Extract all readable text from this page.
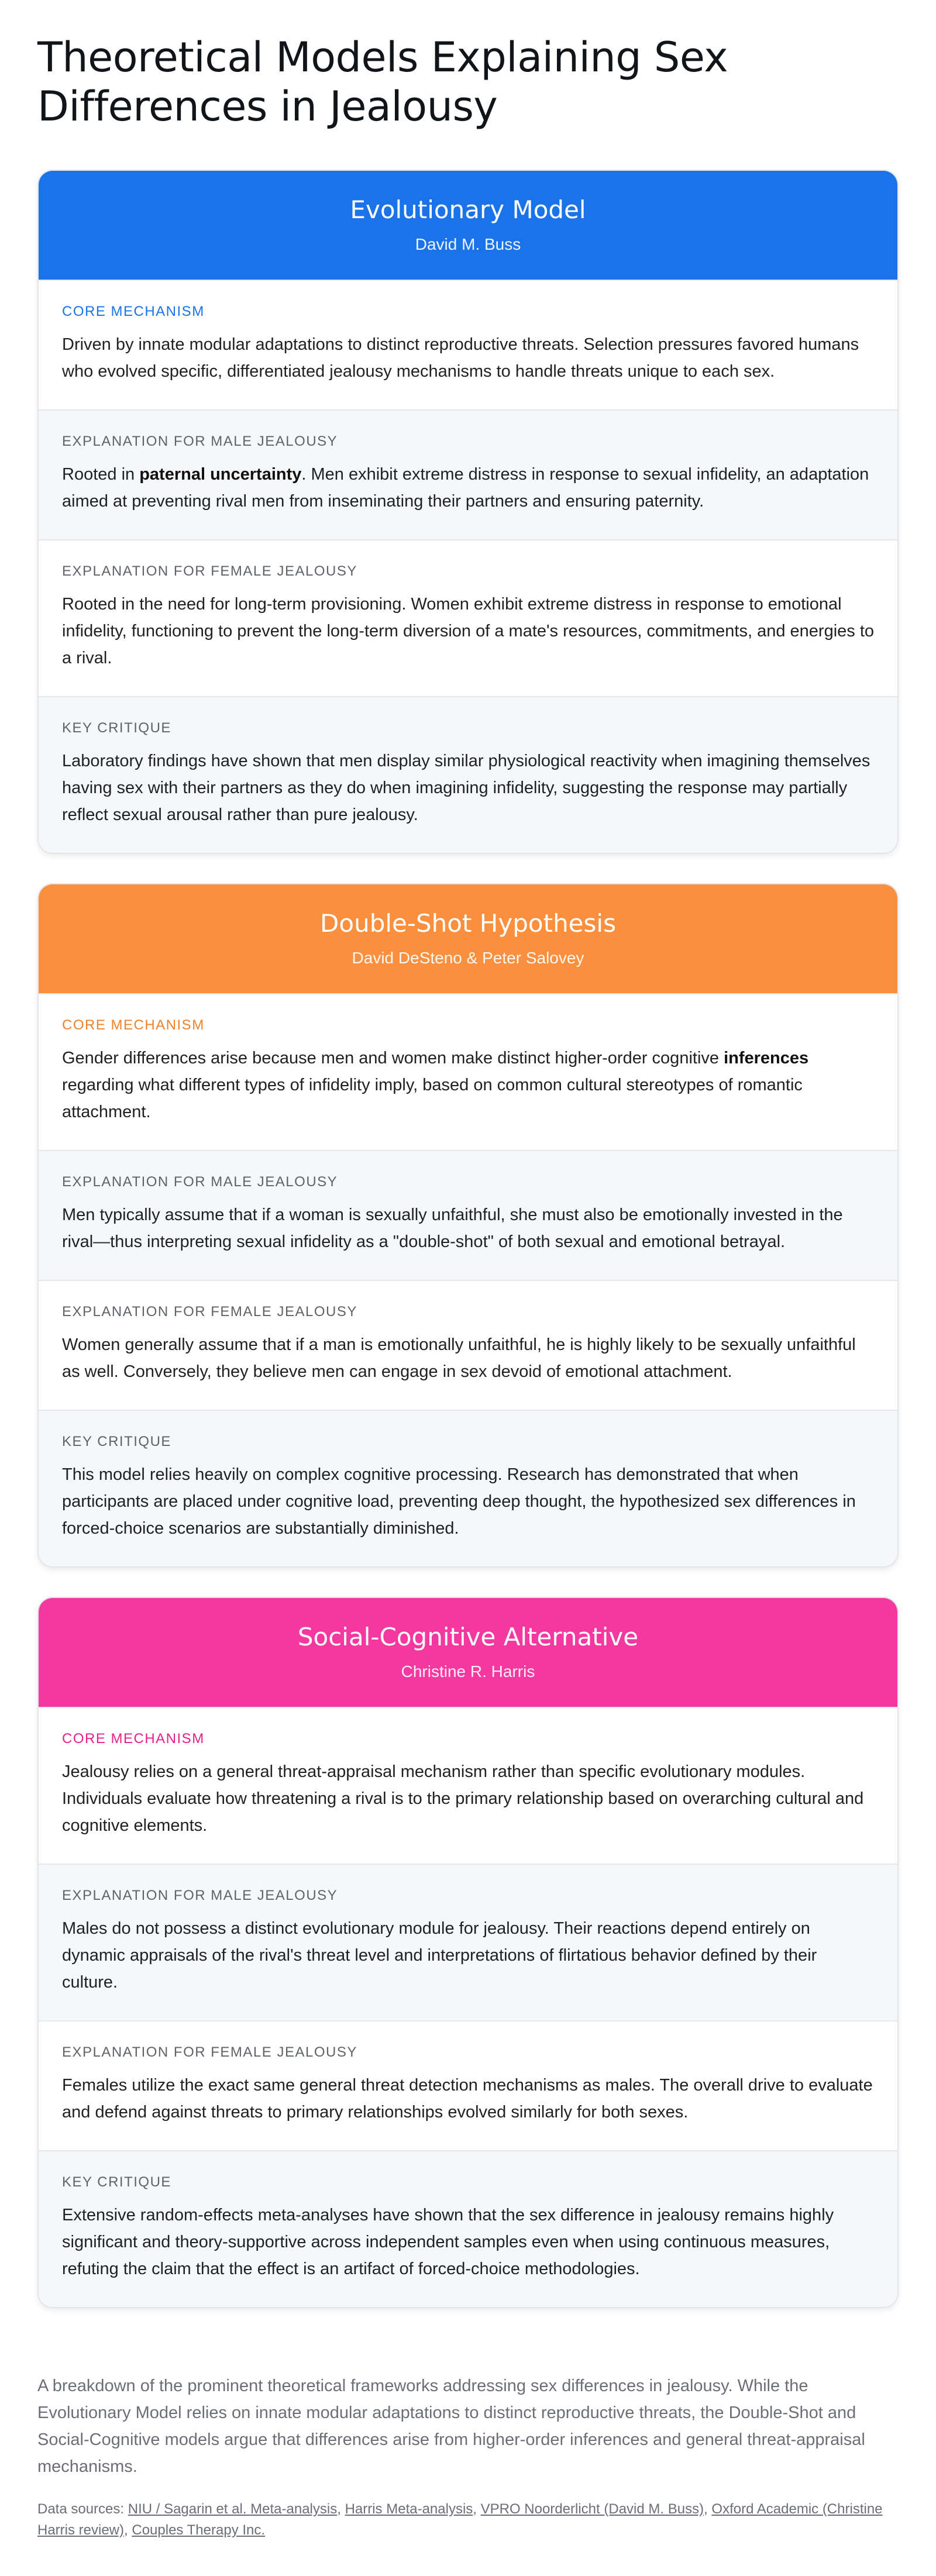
Theoretical Models Explaining Sex Differences in Jealousy
Evolutionary Model
David M. Buss
CORE MECHANISM

Driven by innate modular adaptations to distinct reproductive threats. Selection pressures favored humans who evolved specific, differentiated jealousy mechanisms to handle threats unique to each sex.

EXPLANATION FOR MALE JEALOUSY

Rooted in paternal uncertainty. Men exhibit extreme distress in response to sexual infidelity, an adaptation aimed at preventing rival men from inseminating their partners and ensuring paternity.

EXPLANATION FOR FEMALE JEALOUSY

Rooted in the need for long-term provisioning. Women exhibit extreme distress in response to emotional infidelity, functioning to prevent the long-term diversion of a mate's resources, commitments, and energies to a rival.

KEY CRITIQUE

Laboratory findings have shown that men display similar physiological reactivity when imagining themselves having sex with their partners as they do when imagining infidelity, suggesting the response may partially reflect sexual arousal rather than pure jealousy.

Double-Shot Hypothesis
David DeSteno & Peter Salovey
CORE MECHANISM

Gender differences arise because men and women make distinct higher-order cognitive inferences regarding what different types of infidelity imply, based on common cultural stereotypes of romantic attachment.

EXPLANATION FOR MALE JEALOUSY

Men typically assume that if a woman is sexually unfaithful, she must also be emotionally invested in the rival—thus interpreting sexual infidelity as a "double-shot" of both sexual and emotional betrayal.

EXPLANATION FOR FEMALE JEALOUSY

Women generally assume that if a man is emotionally unfaithful, he is highly likely to be sexually unfaithful as well. Conversely, they believe men can engage in sex devoid of emotional attachment.

KEY CRITIQUE

This model relies heavily on complex cognitive processing. Research has demonstrated that when participants are placed under cognitive load, preventing deep thought, the hypothesized sex differences in forced-choice scenarios are substantially diminished.

Social-Cognitive Alternative
Christine R. Harris
CORE MECHANISM

Jealousy relies on a general threat-appraisal mechanism rather than specific evolutionary modules. Individuals evaluate how threatening a rival is to the primary relationship based on overarching cultural and cognitive elements.

EXPLANATION FOR MALE JEALOUSY

Males do not possess a distinct evolutionary module for jealousy. Their reactions depend entirely on dynamic appraisals of the rival's threat level and interpretations of flirtatious behavior defined by their culture.

EXPLANATION FOR FEMALE JEALOUSY

Females utilize the exact same general threat detection mechanisms as males. The overall drive to evaluate and defend against threats to primary relationships evolved similarly for both sexes.

KEY CRITIQUE

Extensive random-effects meta-analyses have shown that the sex difference in jealousy remains highly significant and theory-supportive across independent samples even when using continuous measures, refuting the claim that the effect is an artifact of forced-choice methodologies.

A breakdown of the prominent theoretical frameworks addressing sex differences in jealousy. While the Evolutionary Model relies on innate modular adaptations to distinct reproductive threats, the Double-Shot and Social-Cognitive models argue that differences arise from higher-order inferences and general threat-appraisal mechanisms.

Data sources: NIU / Sagarin et al. Meta-analysis, Harris Meta-analysis, VPRO Noorderlicht (David M. Buss), Oxford Academic (Christine Harris review), Couples Therapy Inc.
